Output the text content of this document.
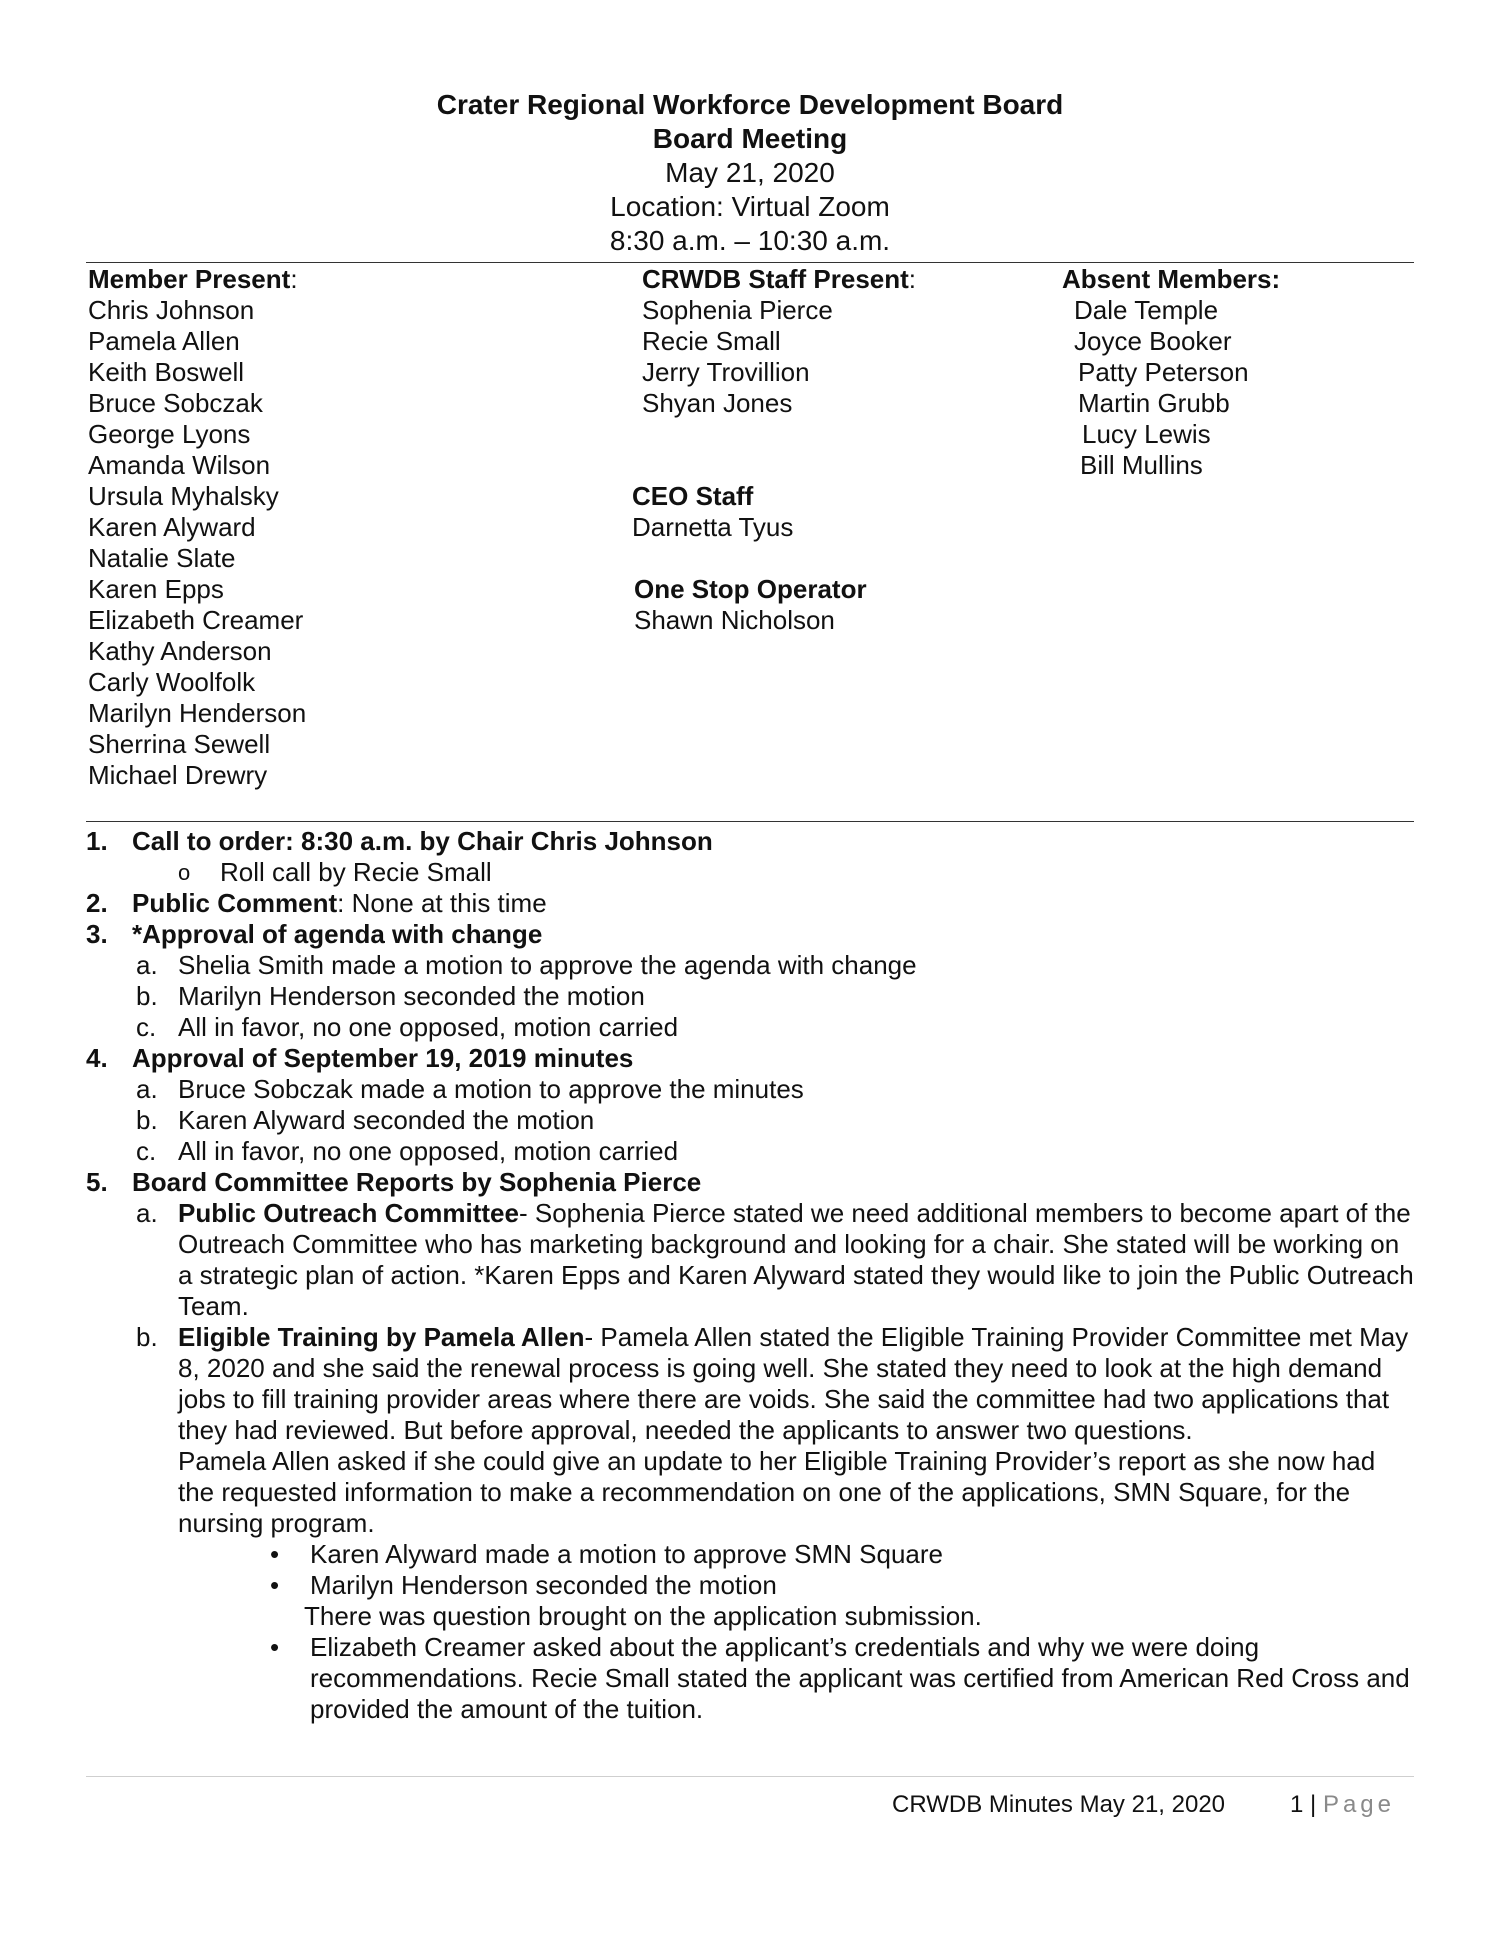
Crater Regional Workforce Development Board
Board Meeting
May 21, 2020
Location: Virtual Zoom
8:30 a.m. – 10:30 a.m.
Member Present:
Chris Johnson
Pamela Allen
Keith Boswell
Bruce Sobczak
George Lyons
Amanda Wilson
Ursula Myhalsky
Karen Alyward
Natalie Slate
Karen Epps
Elizabeth Creamer
Kathy Anderson
Carly Woolfolk
Marilyn Henderson
Sherrina Sewell
Michael Drewry
CRWDB Staff Present:
Sophenia Pierce
Recie Small
Jerry Trovillion
Shyan Jones
CEO Staff
Darnetta Tyus
One Stop Operator
Shawn Nicholson
Absent Members:
Dale Temple
Joyce Booker
Patty Peterson
Martin Grubb
Lucy Lewis
Bill Mullins
1. Call to order: 8:30 a.m. by Chair Chris Johnson
o Roll call by Recie Small
2. Public Comment: None at this time
3. *Approval of agenda with change
a. Shelia Smith made a motion to approve the agenda with change
b. Marilyn Henderson seconded the motion
c. All in favor, no one opposed, motion carried
4. Approval of September 19, 2019 minutes
a. Bruce Sobczak made a motion to approve the minutes
b. Karen Alyward seconded the motion
c. All in favor, no one opposed, motion carried
5. Board Committee Reports by Sophenia Pierce
a. Public Outreach Committee- Sophenia Pierce stated we need additional members to become apart of the Outreach Committee who has marketing background and looking for a chair. She stated will be working on a strategic plan of action. *Karen Epps and Karen Alyward stated they would like to join the Public Outreach Team.
b. Eligible Training by Pamela Allen- Pamela Allen stated the Eligible Training Provider Committee met May 8, 2020 and she said the renewal process is going well. She stated they need to look at the high demand jobs to fill training provider areas where there are voids. She said the committee had two applications that they had reviewed. But before approval, needed the applicants to answer two questions.
Pamela Allen asked if she could give an update to her Eligible Training Provider’s report as she now had the requested information to make a recommendation on one of the applications, SMN Square, for the nursing program.
• Karen Alyward made a motion to approve SMN Square
• Marilyn Henderson seconded the motion
There was question brought on the application submission.
• Elizabeth Creamer asked about the applicant’s credentials and why we were doing recommendations. Recie Small stated the applicant was certified from American Red Cross and provided the amount of the tuition.
CRWDB Minutes May 21, 2020	1 | Page
